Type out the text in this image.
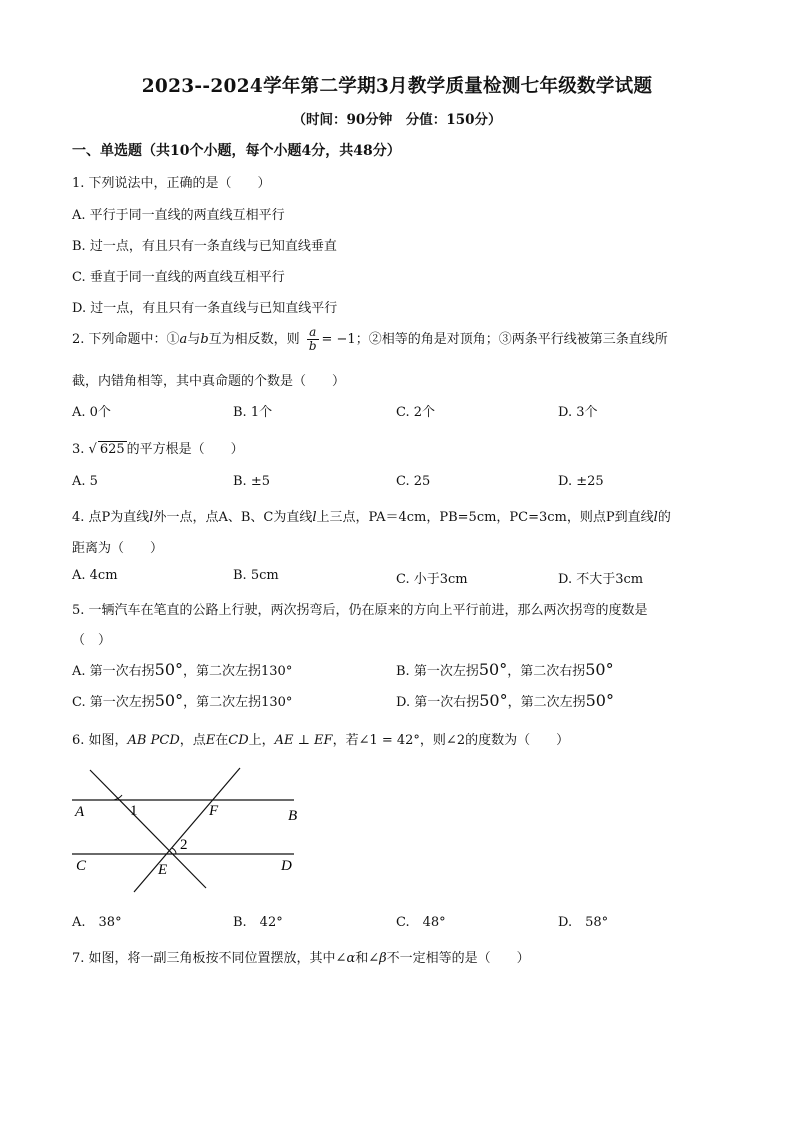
2023--2024学年第二学期3月教学质量检测七年级数学试题
（时间：90分钟　分值：150分）
一、单选题（共10个小题，每个小题4分，共48分）
1. 下列说法中，正确的是（　　）
A. 平行于同一直线的两直线互相平行
B. 过一点，有且只有一条直线与已知直线垂直
C. 垂直于同一直线的两直线互相平行
D. 过一点，有且只有一条直线与已知直线平行
2. 下列命题中：①a与b互为相反数，则 $\frac{a}{b} = -1$；②相等的角是对顶角；③两条平行线被第三条直线所
截，内错角相等，其中真命题的个数是（　　）
A. 0个	B. 1个	C. 2个	D. 3个
3. √ 625 的平方根是（　　）
A. 5	B. ±5	C. 25	D. ±25
4. 点P为直线l外一点，点A、B、C为直线l上三点，PA＝4cm，PB=5cm，PC=3cm，则点P到直线l的
距离为（　　）
A. 4cm	B. 5cm	C. 小于3cm	D. 不大于3cm
5. 一辆汽车在笔直的公路上行驶，两次拐弯后，仍在原来的方向上平行前进，那么两次拐弯的度数是
（　）
A. 第一次右拐50°，第二次左拐130°	B. 第一次左拐50°，第二次右拐50°
C. 第一次左拐50°，第二次左拐130°	D. 第一次右拐50°，第二次左拐50°
6. 如图，AB PCD，点E在CD上，AE ⊥ EF，若∠1 = 42°，则∠2的度数为（　　）
A	1	F	B
C
2
E	D
A.　38°	B.　42°	C.　48°	D.　58°
7. 如图，将一副三角板按不同位置摆放，其中∠α和∠β不一定相等的是（　　）
